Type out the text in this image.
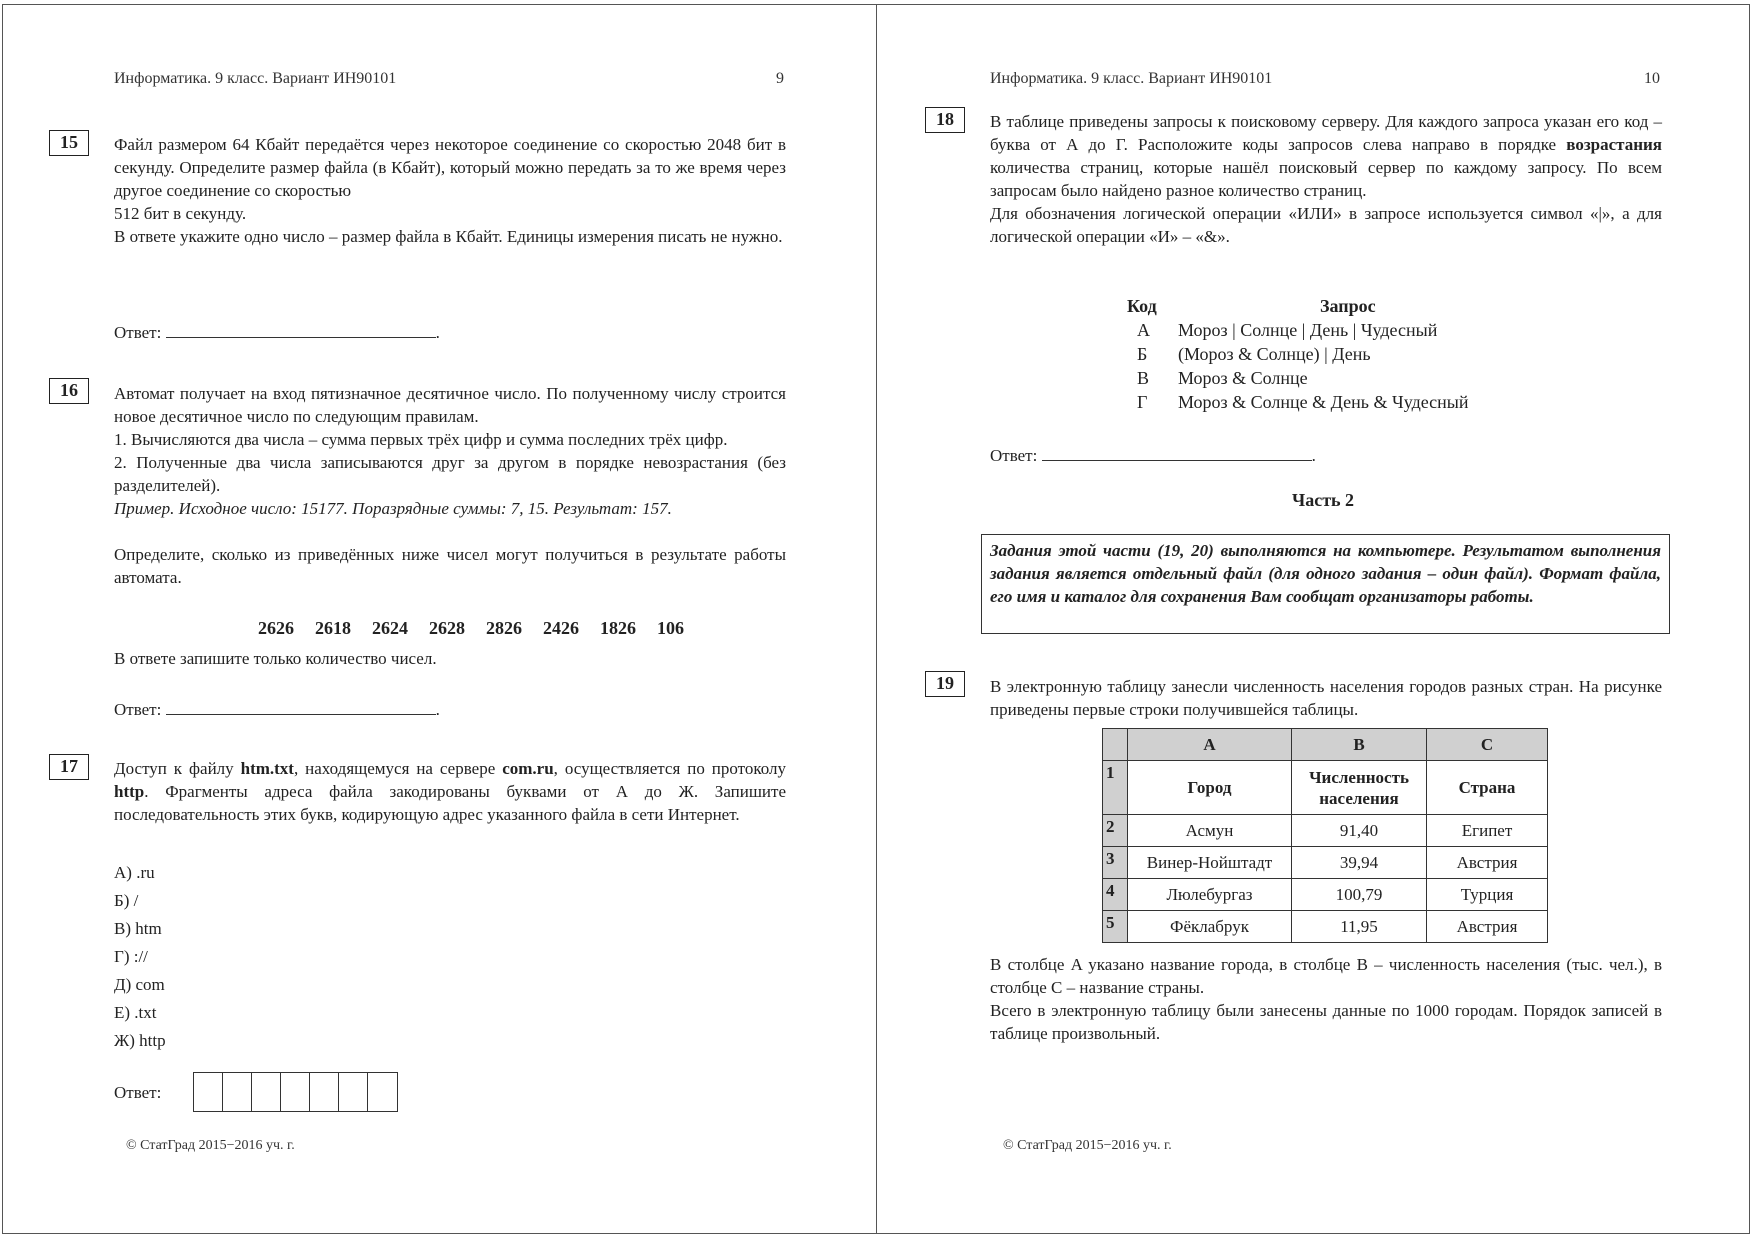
Информатика. 9 класс. Вариант ИН90101	9
15	Файл размером 64 Кбайт передаётся через некоторое соединение со скоростью 2048 бит в секунду. Определите размер файла (в Кбайт), который можно передать за то же время через другое соединение со скоростью

512 бит в секунду.

В ответе укажите одно число – размер файла в Кбайт. Единицы измерения писать не нужно.

Ответ:	.
16	Автомат получает на вход пятизначное десятичное число. По полученному числу строится новое десятичное число по следующим правилам.

1. Вычисляются два числа – сумма первых трёх цифр и сумма последних трёх цифр.

2. Полученные два числа записываются друг за другом в порядке невозрастания (без разделителей).

Пример. Исходное число: 15177. Поразрядные суммы: 7, 15. Результат: 157.

Определите, сколько из приведённых ниже чисел могут получиться в результате работы автомата.

2626  2618  2624  2628  2826  2426  1826  106
В ответе запишите только количество чисел.
Ответ:	.
17	Доступ к файлу htm.txt, находящемуся на сервере com.ru, осуществляется по протоколу http. Фрагменты адреса файла закодированы буквами от А до Ж. Запишите последовательность этих букв, кодирующую адрес указанного файла в сети Интернет.

А) .ru
Б) /
В) htm
Г) ://
Д) com
Е) .txt
Ж) http
Ответ:
© СтатГрад 2015−2016 уч. г.
Информатика. 9 класс. Вариант ИН90101	10
18	В таблице приведены запросы к поисковому серверу. Для каждого запроса указан его код – буква от А до Г. Расположите коды запросов слева направо в порядке возрастания количества страниц, которые нашёл поисковый сервер по каждому запросу. По всем запросам было найдено разное количество страниц.

Для обозначения логической операции «ИЛИ» в запросе используется символ «|», а для логической операции «И» – «&».

Код	Запрос
А Мороз | Солнце | День | Чудесный
Б (Мороз & Солнце) | День
В Мороз & Солнце
Г Мороз & Солнце & День & Чудесный
Ответ:	.
Часть 2
Задания этой части (19, 20) выполняются на компьютере. Результатом выполнения задания является отдельный файл (для одного задания – один файл). Формат файла, его имя и каталог для сохранения Вам сообщат организаторы работы.
19	В электронную таблицу занесли численность населения городов разных стран. На рисунке приведены первые строки получившейся таблицы.
	A	B	C
1	Город	Численность населения	Страна
2	Асмун	91,40	Египет
3	Винер-Нойштадт	39,94	Австрия
4	Люлебургаз	100,79	Турция
5	Фёклабрук	11,95	Австрия

В столбце A указано название города, в столбце B – численность населения (тыс. чел.), в столбце C – название страны.

Всего в электронную таблицу были занесены данные по 1000 городам. Порядок записей в таблице произвольный.

© СтатГрад 2015−2016 уч. г.
